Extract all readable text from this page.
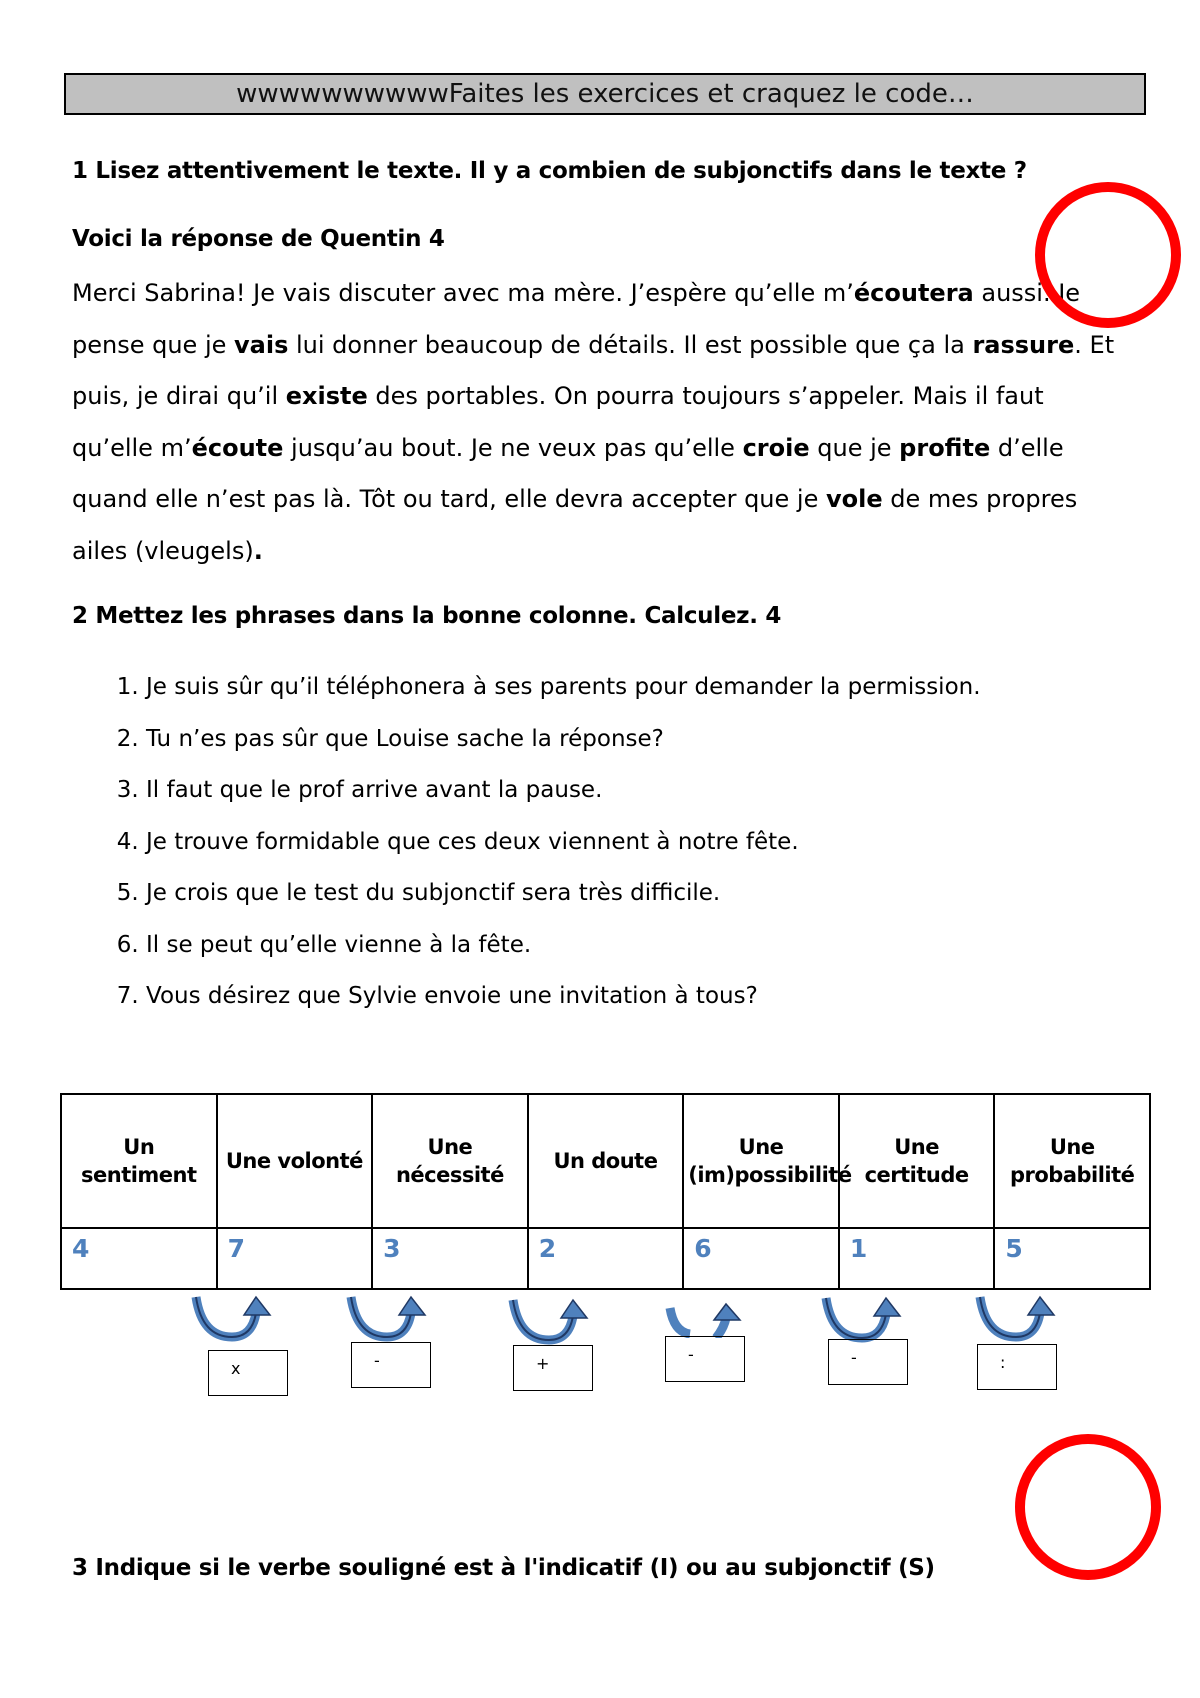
wwwwwwwwwwFaites les exercices et craquez le code…
1 Lisez attentivement le texte. Il y a combien de subjonctifs dans le texte ?
Voici la réponse de Quentin 4

Merci Sabrina! Je vais discuter avec ma mère. J’espère qu’elle m’écoutera aussi. Je pense que je vais lui donner beaucoup de détails. Il est possible que ça la rassure. Et puis, je dirai qu’il existe des portables. On pourra toujours s’appeler. Mais il faut qu’elle m’écoute jusqu’au bout. Je ne veux pas qu’elle croie que je profite d’elle quand elle n’est pas là. Tôt ou tard, elle devra accepter que je vole de mes propres ailes (vleugels).

2 Mettez les phrases dans la bonne colonne. Calculez. 4
1. Je suis sûr qu’il téléphonera à ses parents pour demander la permission.
2. Tu n’es pas sûr que Louise sache la réponse?
3. Il faut que le prof arrive avant la pause.
4. Je trouve formidable que ces deux viennent à notre fête.
5. Je crois que le test du subjonctif sera très difficile.
6. Il se peut qu’elle vienne à la fête.
7. Vous désirez que Sylvie envoie une invitation à tous?
Un sentiment	Une volonté	Une nécessité	Un doute	Une (im)possibilité	Une certitude	Une probabilité
4	7	3	2	6	1	5
x	-	+	-	-	:
3 Indique si le verbe souligné est à l'indicatif (I) ou au subjonctif (S)
